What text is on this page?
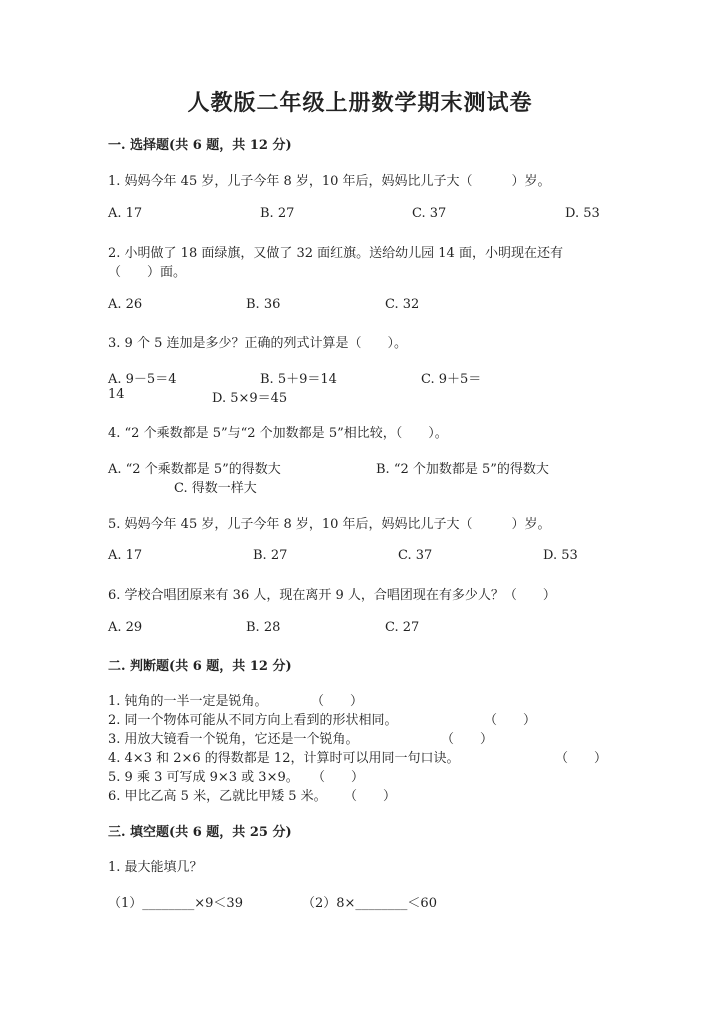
人教版二年级上册数学期末测试卷
一. 选择题(共 6 题，共 12 分)
1. 妈妈今年 45 岁，儿子今年 8 岁，10 年后，妈妈比儿子大（　　　）岁。
A. 17	B. 27	C. 37	D. 53
2. 小明做了 18 面绿旗，又做了 32 面红旗。送给幼儿园 14 面，小明现在还有
（　　）面。
A. 26	B. 36	C. 32
3. 9 个 5 连加是多少？正确的列式计算是（　　）。
A. 9－5＝4	B. 5＋9＝14	C. 9＋5＝
14	D. 5×9＝45
4. “2 个乘数都是 5”与“2 个加数都是 5”相比较，（　　）。
A. “2 个乘数都是 5”的得数大	B. “2 个加数都是 5”的得数大
C. 得数一样大
5. 妈妈今年 45 岁，儿子今年 8 岁，10 年后，妈妈比儿子大（　　　）岁。
A. 17	B. 27	C. 37	D. 53
6. 学校合唱团原来有 36 人，现在离开 9 人，合唱团现在有多少人？（　　）
A. 29	B. 28	C. 27
二. 判断题(共 6 题，共 12 分)
1. 钝角的一半一定是锐角。	（　　）
2. 同一个物体可能从不同方向上看到的形状相同。	（　　）
3. 用放大镜看一个锐角，它还是一个锐角。	（　　）
4. 4×3 和 2×6 的得数都是 12，计算时可以用同一句口诀。	（　　）
5. 9 乘 3 可写成 9×3 或 3×9。 （　　）
6. 甲比乙高 5 米，乙就比甲矮 5 米。 （　　）
三. 填空题(共 6 题，共 25 分)
1. 最大能填几？
（1）________×9＜39	（2）8×________＜60
